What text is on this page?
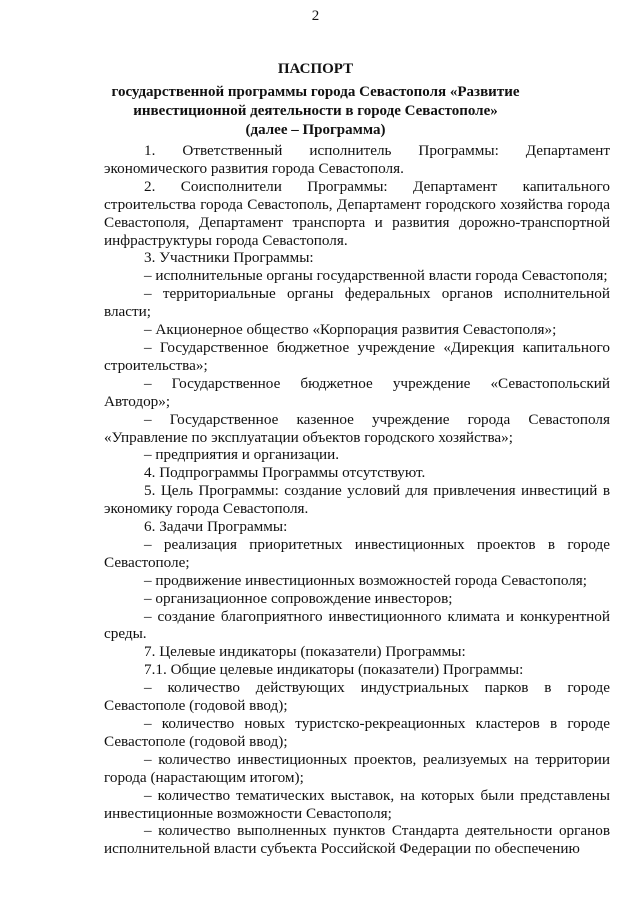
2
ПАСПОРТ
государственной программы города Севастополя «Развитие
инвестиционной деятельности в городе Севастополе»
(далее – Программа)

1. Ответственный исполнитель Программы: Департамент экономического развития города Севастополя.

2. Соисполнители Программы: Департамент капитального строительства города Севастополь, Департамент городского хозяйства города Севастополя, Департамент транспорта и развития дорожно-транспортной инфраструктуры города Севастополя.

3. Участники Программы:

– исполнительные органы государственной власти города Севастополя;

– территориальные органы федеральных органов исполнительной власти;

– Акционерное общество «Корпорация развития Севастополя»;

– Государственное бюджетное учреждение «Дирекция капитального строительства»;

– Государственное бюджетное учреждение «Севастопольский Автодор»;

– Государственное казенное учреждение города Севастополя «Управление по эксплуатации объектов городского хозяйства»;

– предприятия и организации.

4. Подпрограммы Программы отсутствуют.

5. Цель Программы: создание условий для привлечения инвестиций в экономику города Севастополя.

6. Задачи Программы:

– реализация приоритетных инвестиционных проектов в городе Севастополе;

– продвижение инвестиционных возможностей города Севастополя;

– организационное сопровождение инвесторов;

– создание благоприятного инвестиционного климата и конкурентной среды.

7. Целевые индикаторы (показатели) Программы:

7.1. Общие целевые индикаторы (показатели) Программы:

– количество действующих индустриальных парков в городе Севастополе (годовой ввод);

– количество новых туристско-рекреационных кластеров в городе Севастополе (годовой ввод);

– количество инвестиционных проектов, реализуемых на территории города (нарастающим итогом);

– количество тематических выставок, на которых были представлены инвестиционные возможности Севастополя;

– количество выполненных пунктов Стандарта деятельности органов исполнительной власти субъекта Российской Федерации по обеспечению
